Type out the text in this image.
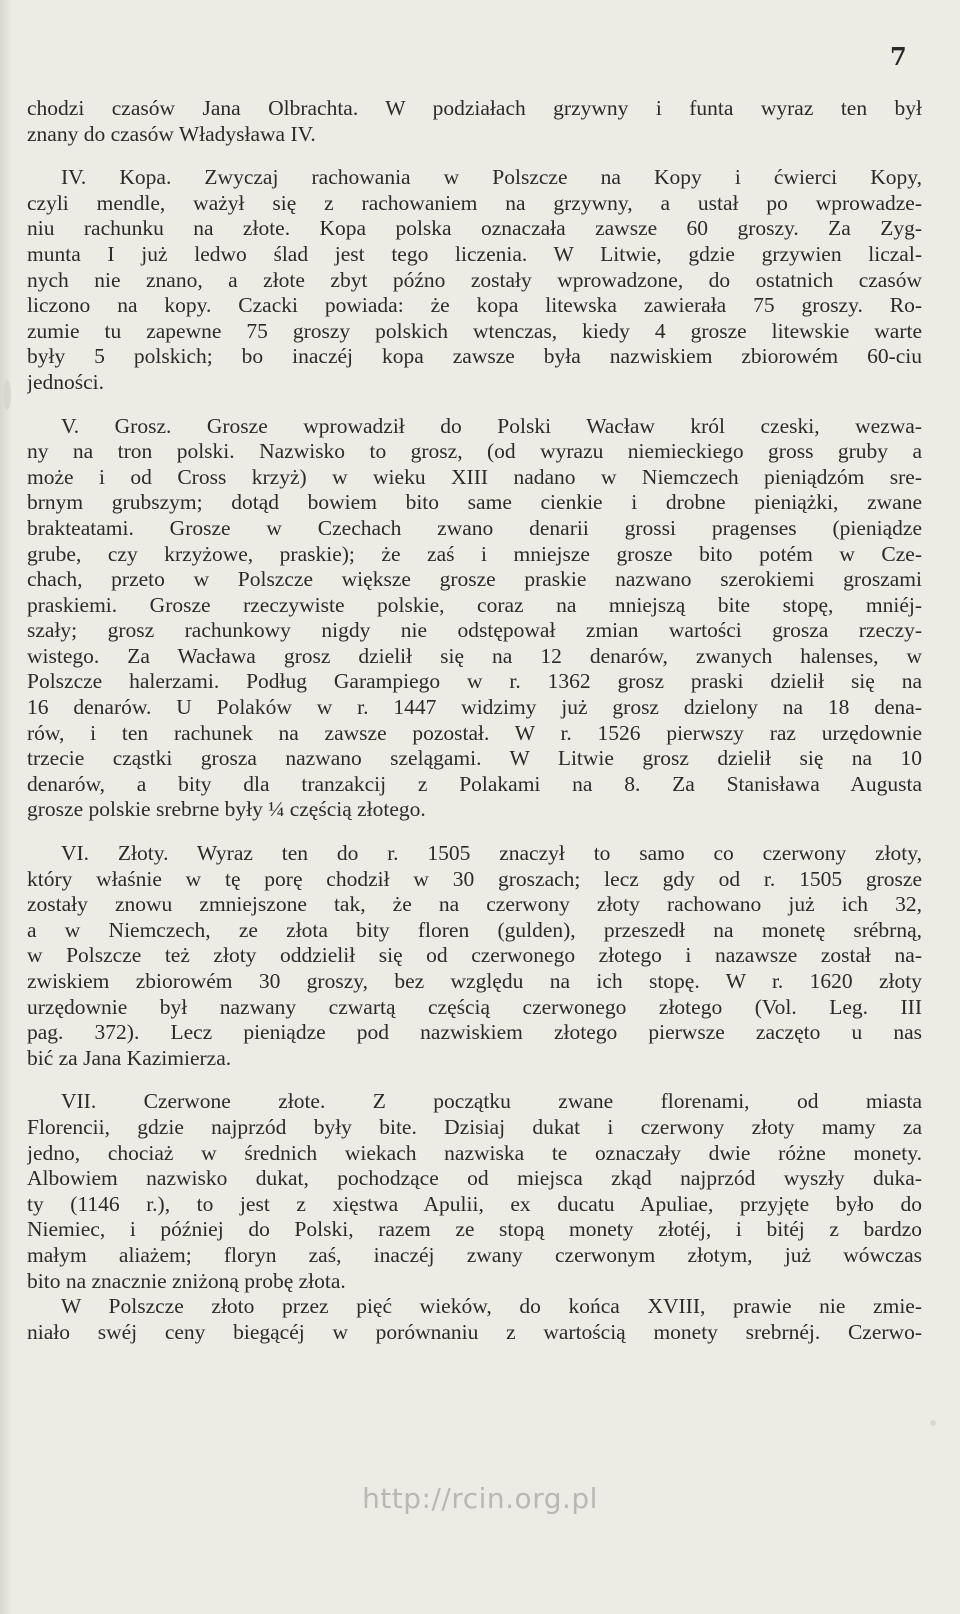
7
chodzi czasów Jana Olbrachta. W podziałach grzywny i funta wyraz ten był
znany do czasów Władysława IV.
IV. Kopa. Zwyczaj rachowania w Polszcze na Kopy i ćwierci Kopy,
czyli mendle, ważył się z rachowaniem na grzywny, a ustał po wprowadze-
niu rachunku na złote. Kopa polska oznaczała zawsze 60 groszy. Za Zyg-
munta I już ledwo ślad jest tego liczenia. W Litwie, gdzie grzywien liczal-
nych nie znano, a złote zbyt późno zostały wprowadzone, do ostatnich czasów
liczono na kopy. Czacki powiada: że kopa litewska zawierała 75 groszy. Ro-
zumie tu zapewne 75 groszy polskich wtenczas, kiedy 4 grosze litewskie warte
były 5 polskich; bo inaczéj kopa zawsze była nazwiskiem zbiorowém 60-ciu
jedności.
V. Grosz. Grosze wprowadził do Polski Wacław król czeski, wezwa-
ny na tron polski. Nazwisko to grosz, (od wyrazu niemieckiego gross gruby a
może i od Cross krzyż) w wieku XIII nadano w Niemczech pieniądzóm sre-
brnym grubszym; dotąd bowiem bito same cienkie i drobne pieniążki, zwane
brakteatami. Grosze w Czechach zwano denarii grossi pragenses (pieniądze
grube, czy krzyżowe, praskie); że zaś i mniejsze grosze bito potém w Cze-
chach, przeto w Polszcze większe grosze praskie nazwano szerokiemi groszami
praskiemi. Grosze rzeczywiste polskie, coraz na mniejszą bite stopę, mniéj-
szały; grosz rachunkowy nigdy nie odstępował zmian wartości grosza rzeczy-
wistego. Za Wacława grosz dzielił się na 12 denarów, zwanych halenses, w
Polszcze halerzami. Podług Garampiego w r. 1362 grosz praski dzielił się na
16 denarów. U Polaków w r. 1447 widzimy już grosz dzielony na 18 dena-
rów, i ten rachunek na zawsze pozostał. W r. 1526 pierwszy raz urzędownie
trzecie cząstki grosza nazwano szelągami. W Litwie grosz dzielił się na 10
denarów, a bity dla tranzakcij z Polakami na 8. Za Stanisława Augusta
grosze polskie srebrne były ¼ częścią złotego.
VI. Złoty. Wyraz ten do r. 1505 znaczył to samo co czerwony złoty,
który właśnie w tę porę chodził w 30 groszach; lecz gdy od r. 1505 grosze
zostały znowu zmniejszone tak, że na czerwony złoty rachowano już ich 32,
a w Niemczech, ze złota bity floren (gulden), przeszedł na monetę srébrną,
w Polszcze też złoty oddzielił się od czerwonego złotego i nazawsze został na-
zwiskiem zbiorowém 30 groszy, bez względu na ich stopę. W r. 1620 złoty
urzędownie był nazwany czwartą częścią czerwonego złotego (Vol. Leg. III
pag. 372). Lecz pieniądze pod nazwiskiem złotego pierwsze zaczęto u nas
bić za Jana Kazimierza.
VII. Czerwone złote. Z początku zwane florenami, od miasta
Florencii, gdzie najprzód były bite. Dzisiaj dukat i czerwony złoty mamy za
jedno, chociaż w średnich wiekach nazwiska te oznaczały dwie różne monety.
Albowiem nazwisko dukat, pochodzące od miejsca zkąd najprzód wyszły duka-
ty (1146 r.), to jest z xięstwa Apulii, ex ducatu Apuliae, przyjęte było do
Niemiec, i później do Polski, razem ze stopą monety złotéj, i bitéj z bardzo
małym aliażem; floryn zaś, inaczéj zwany czerwonym złotym, już wówczas
bito na znacznie zniżoną probę złota.
W Polszcze złoto przez pięć wieków, do końca XVIII, prawie nie zmie-
niało swéj ceny biegącéj w porównaniu z wartością monety srebrnéj. Czerwo-
http://rcin.org.pl
